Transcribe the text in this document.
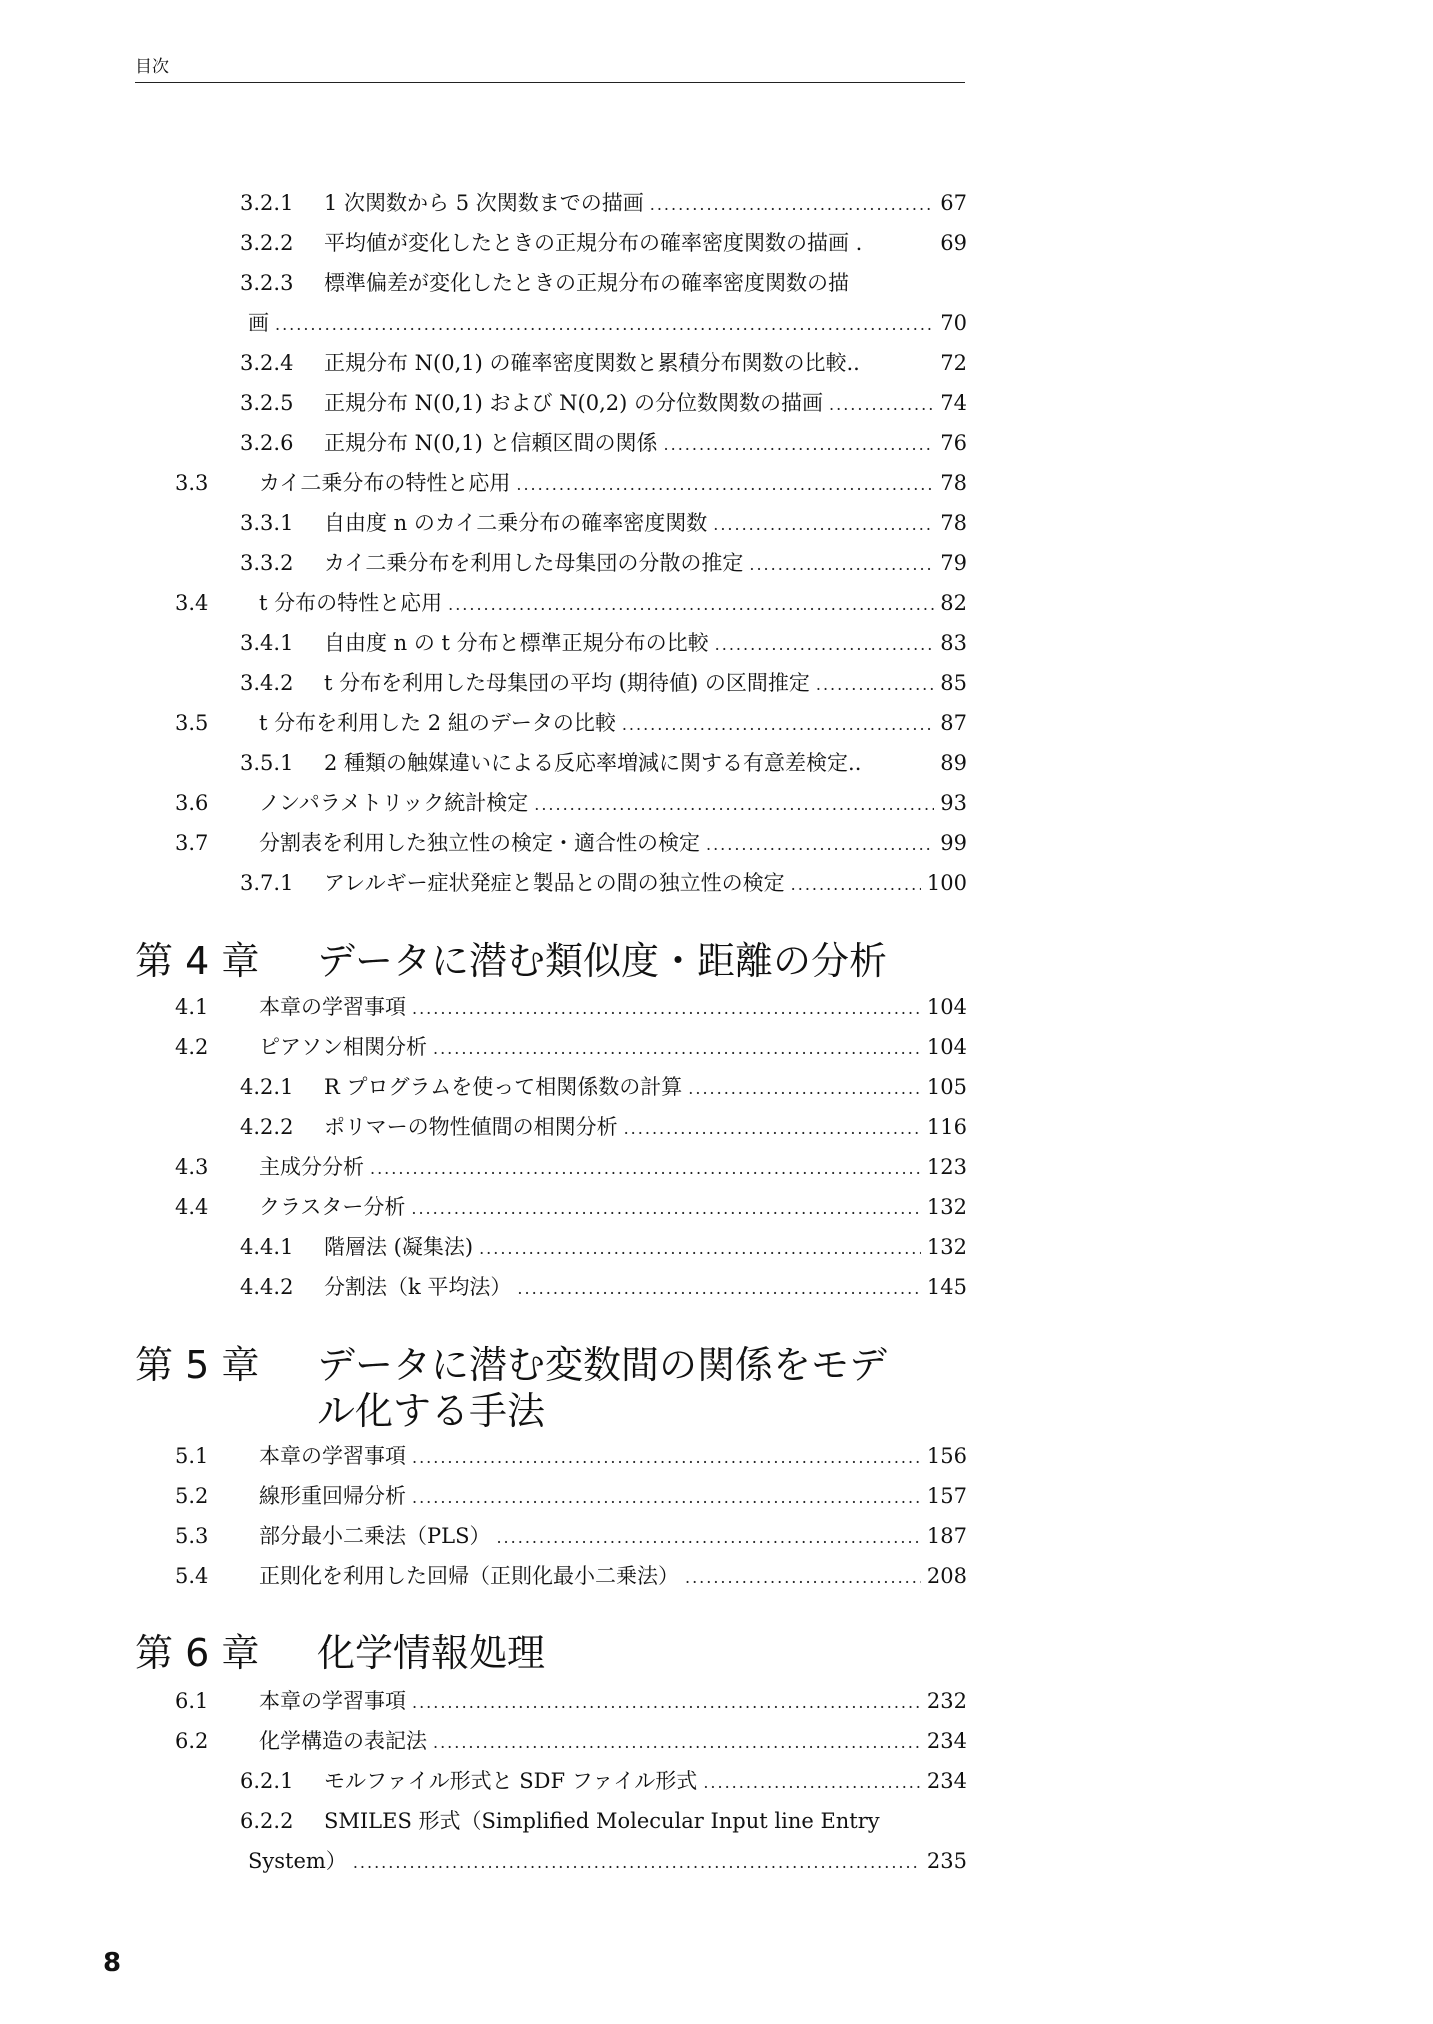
目次
3.2.1	1 次関数から 5 次関数までの描画 .....	67
3.2.2	平均値が変化したときの正規分布の確率密度関数の描画 .	69
3.2.3 標準偏差が変化したときの正規分布の確率密度関数の描
画 .....	70
3.2.4	正規分布 N(0,1) の確率密度関数と累積分布関数の比較..	72
3.2.5	正規分布 N(0,1) および N(0,2) の分位数関数の描画 .....	74
3.2.6	正規分布 N(0,1) と信頼区間の関係 .....	76
3.3	カイ二乗分布の特性と応用 .....	78
3.3.1	自由度 n のカイ二乗分布の確率密度関数 .....	78
3.3.2	カイ二乗分布を利用した母集団の分散の推定 .....	79
3.4	t 分布の特性と応用 .....	82
3.4.1	自由度 n の t 分布と標準正規分布の比較 .....	83
3.4.2	t 分布を利用した母集団の平均 (期待値) の区間推定 .....	85
3.5	t 分布を利用した 2 組のデータの比較 .....	87
3.5.1	2 種類の触媒違いによる反応率増減に関する有意差検定..	89
3.6	ノンパラメトリック統計検定 .....	93
3.7	分割表を利用した独立性の検定・適合性の検定 .....	99
3.7.1	アレルギー症状発症と製品との間の独立性の検定 .....	100
第 4 章 データに潜む類似度・距離の分析
4.1	本章の学習事項 .....	104
4.2	ピアソン相関分析 .....	104
4.2.1	R プログラムを使って相関係数の計算 .....	105
4.2.2	ポリマーの物性値間の相関分析 .....	116
4.3	主成分分析 .....	123
4.4	クラスター分析 .....	132
4.4.1	階層法 (凝集法) .....	132
4.4.2	分割法（k 平均法） .....	145
第 5 章 データに潜む変数間の関係をモデル化する手法
5.1	本章の学習事項 .....	156
5.2	線形重回帰分析 .....	157
5.3	部分最小二乗法（PLS） .....	187
5.4	正則化を利用した回帰（正則化最小二乗法） .....	208
第 6 章 化学情報処理
6.1	本章の学習事項 .....	232
6.2	化学構造の表記法 .....	234
6.2.1	モルファイル形式と SDF ファイル形式 .....	234
6.2.2 SMILES 形式（Simplified Molecular Input line Entry
System） .....	235
8
